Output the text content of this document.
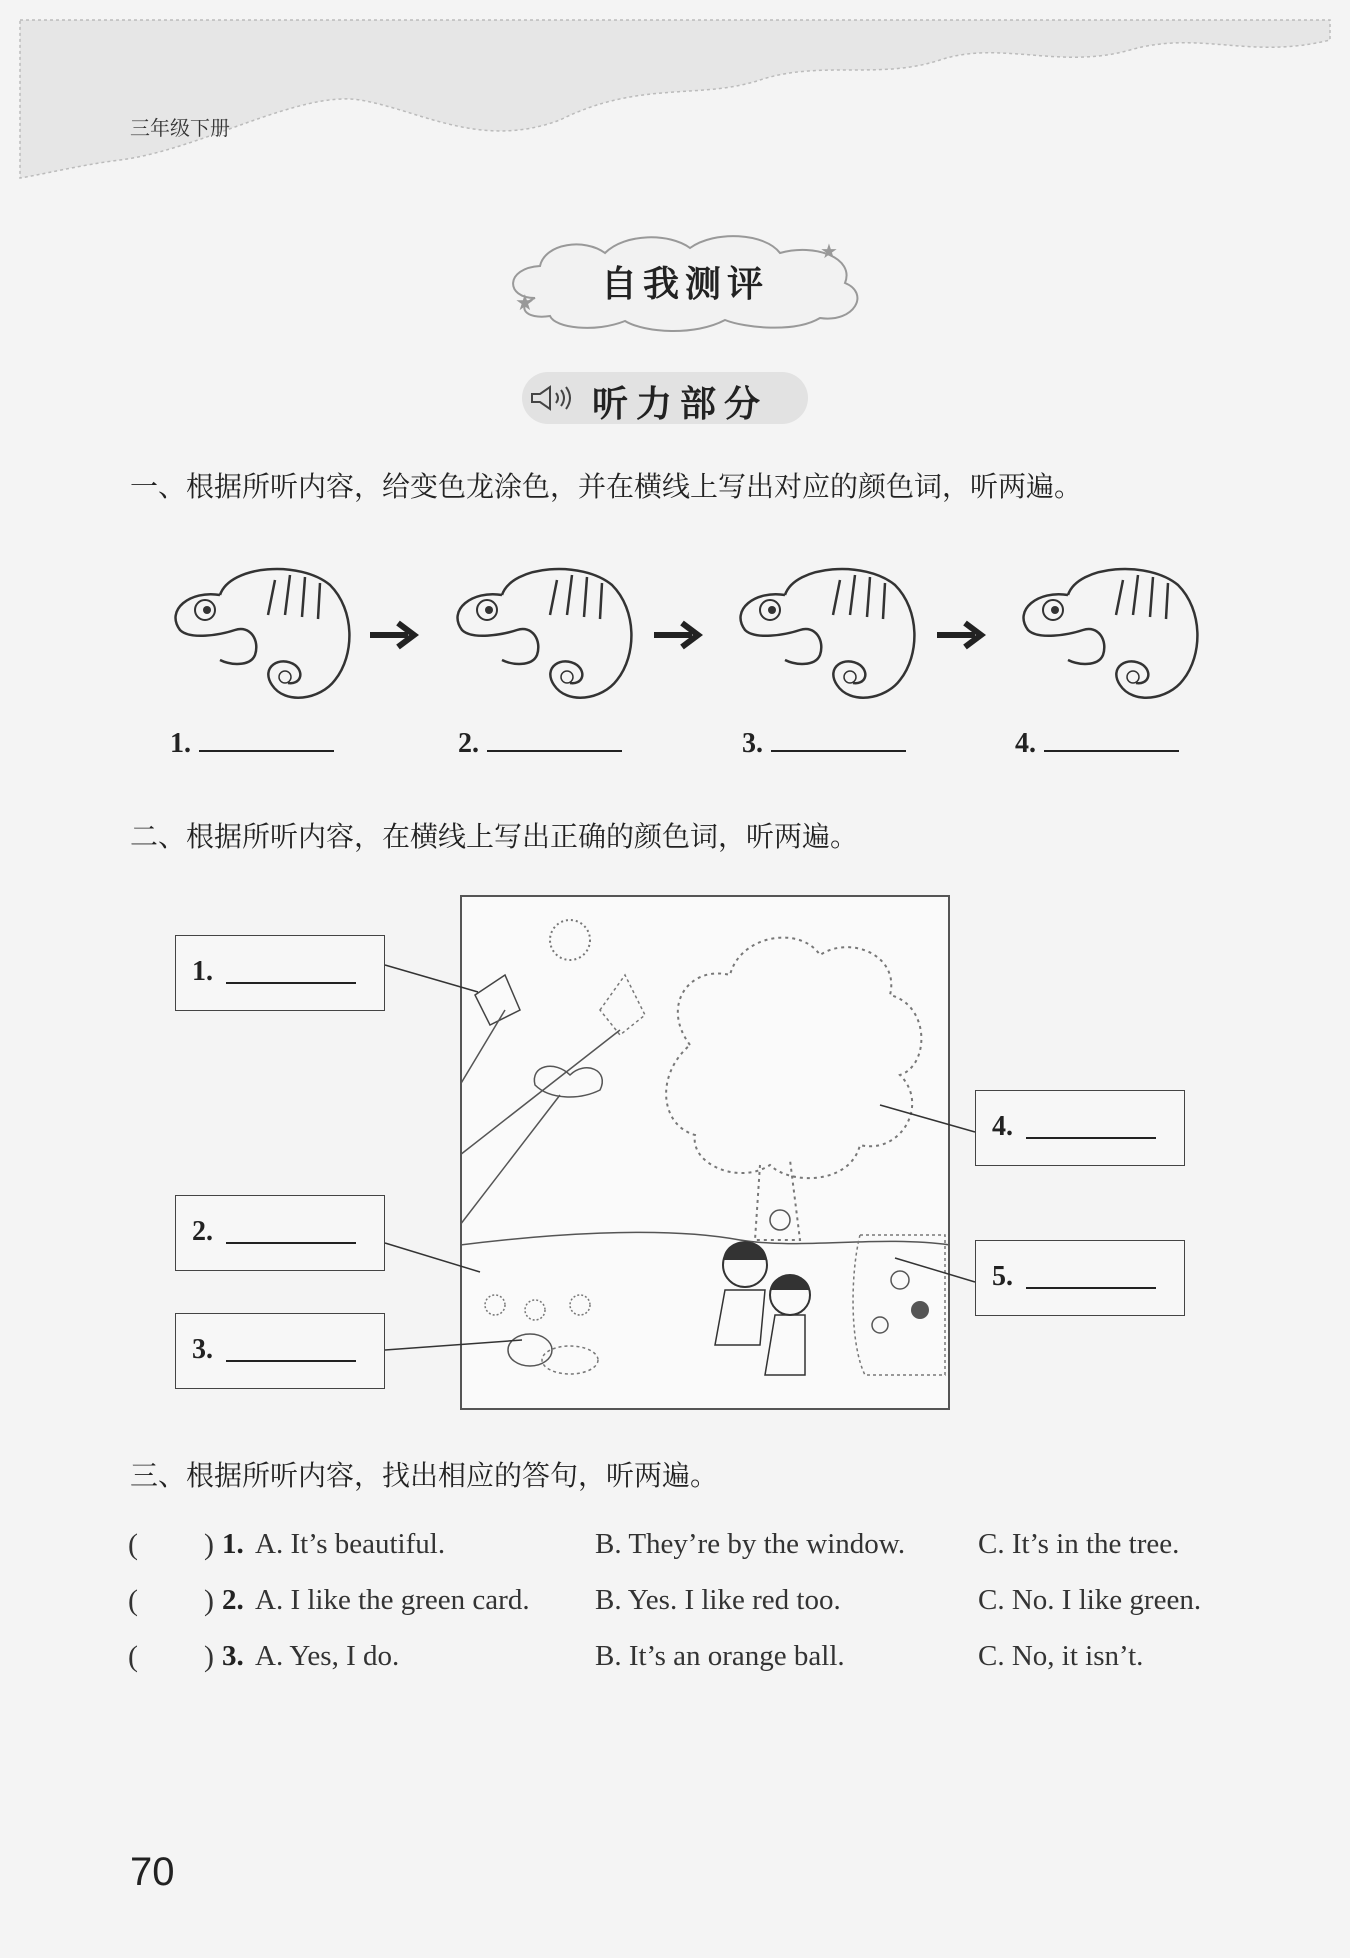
三年级下册
★
★
自我测评
听力部分
一、根据所听内容，给变色龙涂色，并在横线上写出对应的颜色词，听两遍。
1.	2.	3.	4.
二、根据所听内容，在横线上写出正确的颜色词，听两遍。
1.
2.
3.
4.
5.
三、根据所听内容，找出相应的答句，听两遍。
( ) 1. A. It’s beautiful.	B. They’re by the window.	C. It’s in the tree.
( ) 2. A. I like the green card. B. Yes. I like red too.	C. No. I like green.
( ) 3. A. Yes, I do.	B. It’s an orange ball.	C. No, it isn’t.
70
